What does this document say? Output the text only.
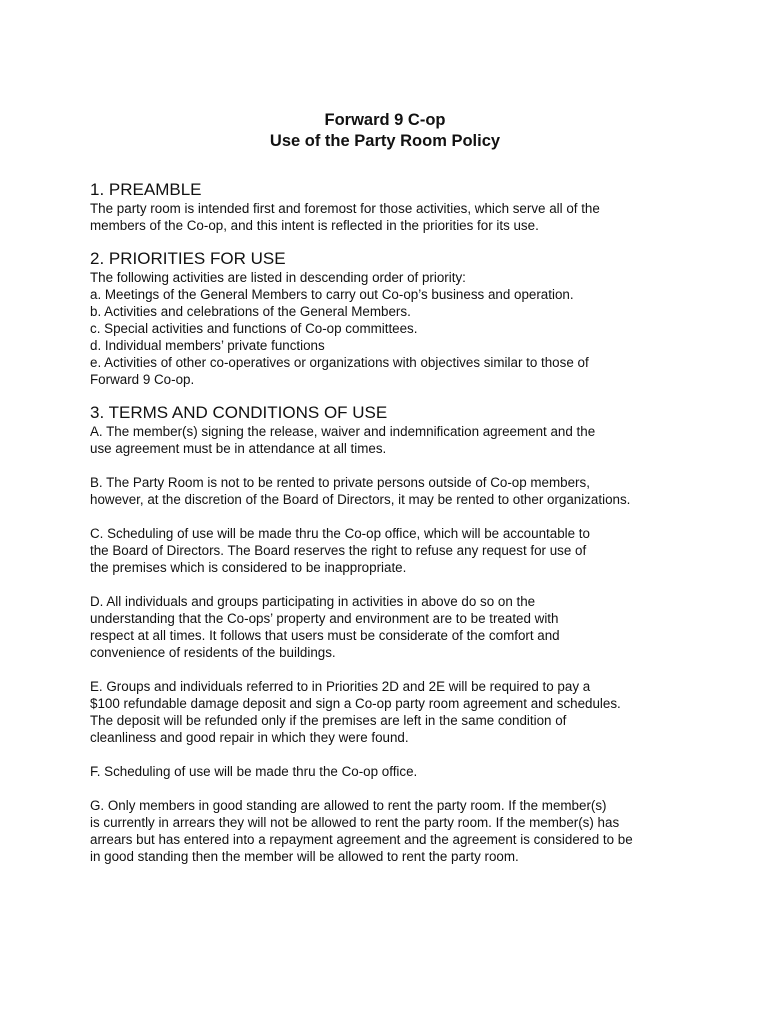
Forward 9 C-op
Use of the Party Room Policy
1. PREAMBLE

The party room is intended first and foremost for those activities, which serve all of the
members of the Co-op, and this intent is reflected in the priorities for its use.

2. PRIORITIES FOR USE

The following activities are listed in descending order of priority:
a. Meetings of the General Members to carry out Co-op’s business and operation.
b. Activities and celebrations of the General Members.
c. Special activities and functions of Co-op committees.
d. Individual members’ private functions
e. Activities of other co-operatives or organizations with objectives similar to those of
Forward 9 Co-op.

3. TERMS AND CONDITIONS OF USE

A. The member(s) signing the release, waiver and indemnification agreement and the
use agreement must be in attendance at all times.

B. The Party Room is not to be rented to private persons outside of Co-op members,
however, at the discretion of the Board of Directors, it may be rented to other organizations.

C. Scheduling of use will be made thru the Co-op office, which will be accountable to
the Board of Directors. The Board reserves the right to refuse any request for use of
the premises which is considered to be inappropriate.

D. All individuals and groups participating in activities in above do so on the
understanding that the Co-ops’ property and environment are to be treated with
respect at all times. It follows that users must be considerate of the comfort and
convenience of residents of the buildings.

E. Groups and individuals referred to in Priorities 2D and 2E will be required to pay a
$100 refundable damage deposit and sign a Co-op party room agreement and schedules.
The deposit will be refunded only if the premises are left in the same condition of
cleanliness and good repair in which they were found.

F. Scheduling of use will be made thru the Co-op office.

G. Only members in good standing are allowed to rent the party room. If the member(s)
is currently in arrears they will not be allowed to rent the party room. If the member(s) has
arrears but has entered into a repayment agreement and the agreement is considered to be
in good standing then the member will be allowed to rent the party room.
